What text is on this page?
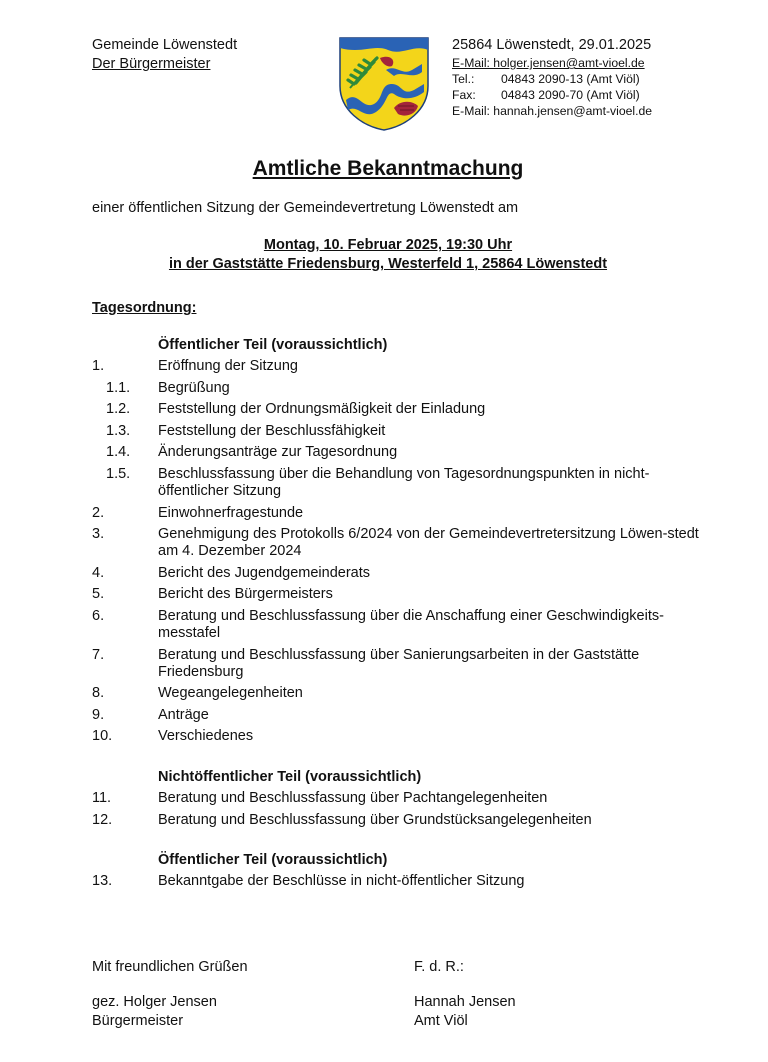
Gemeinde Löwenstedt
Der Bürgermeister
25864 Löwenstedt, 29.01.2025
E-Mail: holger.jensen@amt-vioel.de
Tel.: 04843 2090-13 (Amt Viöl)
Fax: 04843 2090-70 (Amt Viöl)
E-Mail: hannah.jensen@amt-vioel.de
Amtliche Bekanntmachung
einer öffentlichen Sitzung der Gemeindevertretung Löwenstedt am
Montag, 10. Februar 2025, 19:30 Uhr
in der Gaststätte Friedensburg, Westerfeld 1, 25864 Löwenstedt
Tagesordnung:
Öffentlicher Teil (voraussichtlich)
1.	Eröffnung der Sitzung
1.1.	Begrüßung
1.2.	Feststellung der Ordnungsmäßigkeit der Einladung
1.3.	Feststellung der Beschlussfähigkeit
1.4.	Änderungsanträge zur Tagesordnung
1.5.	Beschlussfassung über die Behandlung von Tagesordnungspunkten in nicht-öffentlicher Sitzung
2.	Einwohnerfragestunde
3.	Genehmigung des Protokolls 6/2024 von der Gemeindevertretersitzung Löwen-stedt am 4. Dezember 2024
4.	Bericht des Jugendgemeinderats
5.	Bericht des Bürgermeisters
6.	Beratung und Beschlussfassung über die Anschaffung einer Geschwindigkeits-messtafel
7.	Beratung und Beschlussfassung über Sanierungsarbeiten in der Gaststätte Friedensburg
8.	Wegeangelegenheiten
9.	Anträge
10.	Verschiedenes
Nichtöffentlicher Teil (voraussichtlich)
11.	Beratung und Beschlussfassung über Pachtangelegenheiten
12.	Beratung und Beschlussfassung über Grundstücksangelegenheiten
Öffentlicher Teil (voraussichtlich)
13.	Bekanntgabe der Beschlüsse in nicht-öffentlicher Sitzung
Mit freundlichen Grüßen
gez. Holger Jensen
Bürgermeister
F. d. R.:
Hannah Jensen
Amt Viöl
